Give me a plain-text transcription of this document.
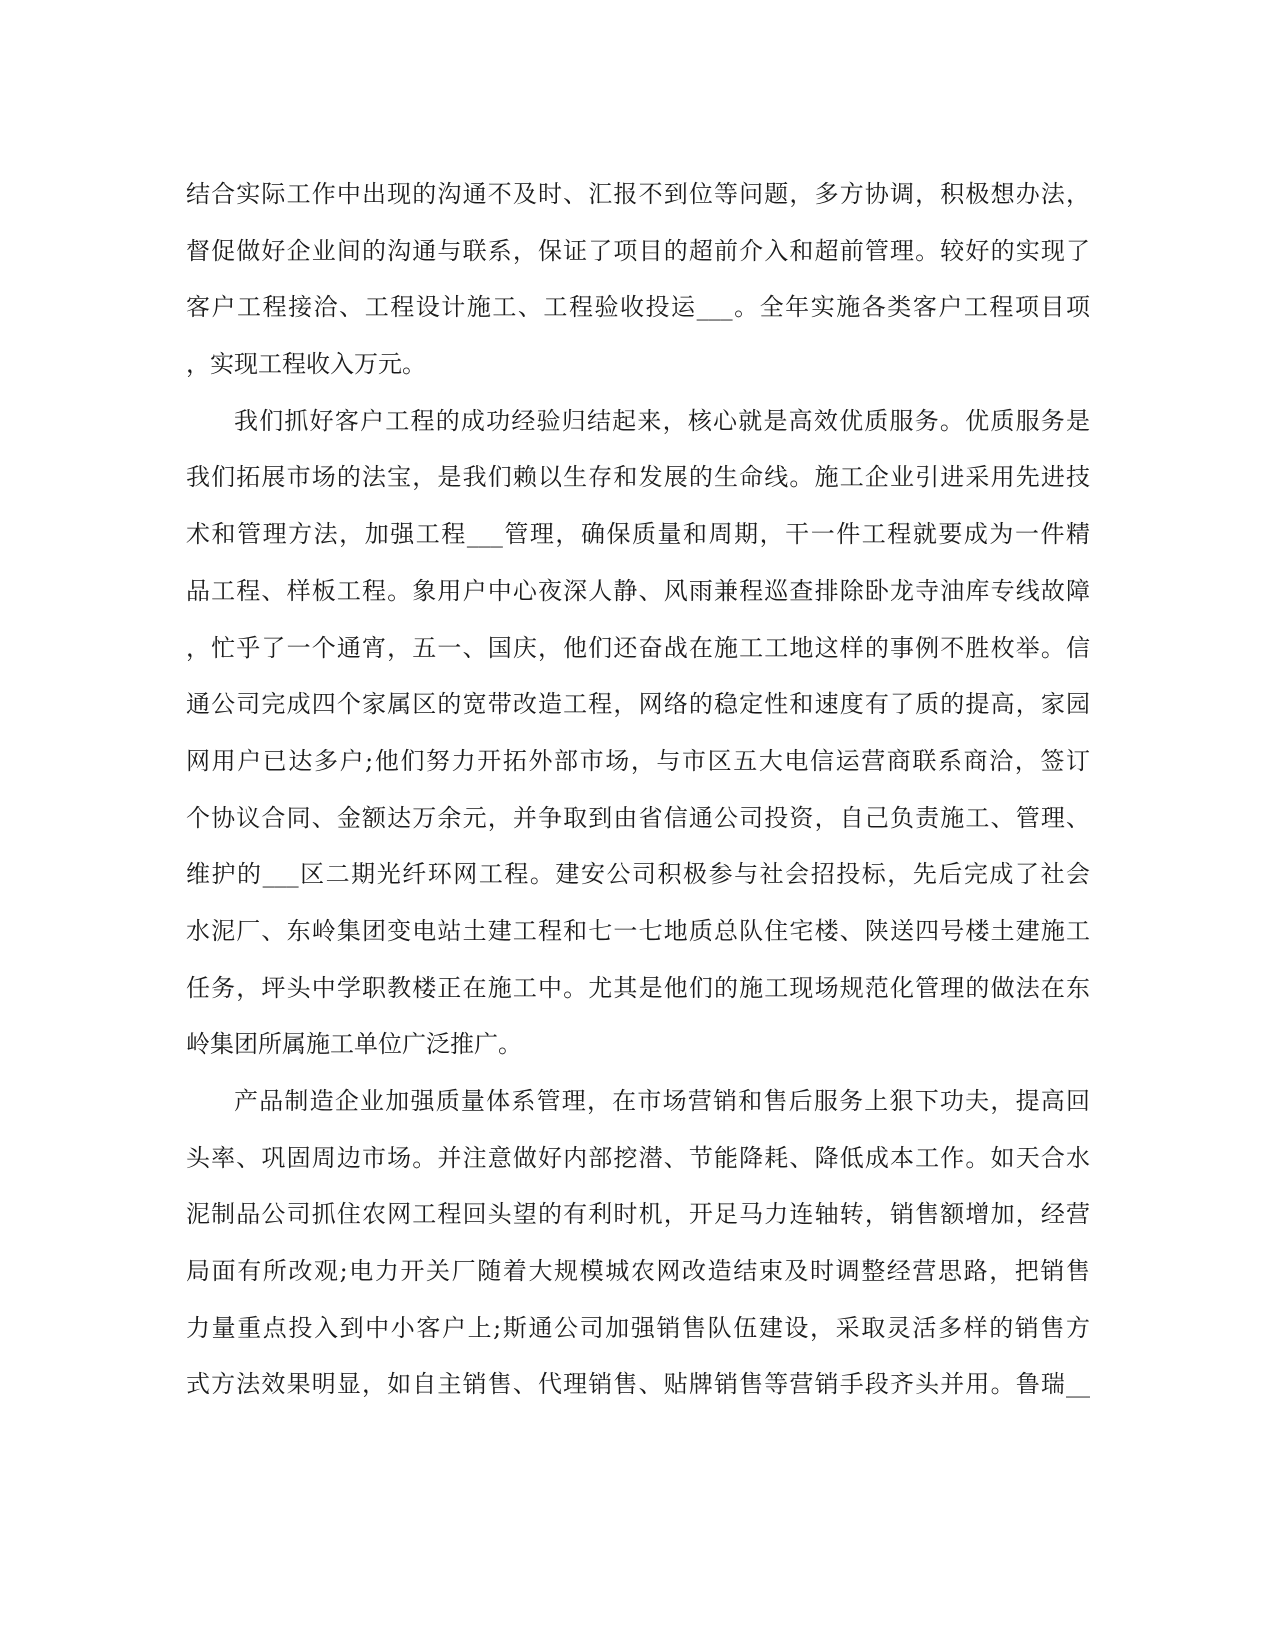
结合实际工作中出现的沟通不及时、汇报不到位等问题，多方协调，积极想办法，
督促做好企业间的沟通与联系，保证了项目的超前介入和超前管理。较好的实现了
客户工程接洽、工程设计施工、工程验收投运___。全年实施各类客户工程项目项
，实现工程收入万元。
我们抓好客户工程的成功经验归结起来，核心就是高效优质服务。优质服务是
我们拓展市场的法宝，是我们赖以生存和发展的生命线。施工企业引进采用先进技
术和管理方法，加强工程___管理，确保质量和周期，干一件工程就要成为一件精
品工程、样板工程。象用户中心夜深人静、风雨兼程巡查排除卧龙寺油库专线故障
，忙乎了一个通宵，五一、国庆，他们还奋战在施工工地这样的事例不胜枚举。信
通公司完成四个家属区的宽带改造工程，网络的稳定性和速度有了质的提高，家园
网用户已达多户;他们努力开拓外部市场，与市区五大电信运营商联系商洽，签订
个协议合同、金额达万余元，并争取到由省信通公司投资，自己负责施工、管理、
维护的___区二期光纤环网工程。建安公司积极参与社会招投标，先后完成了社会
水泥厂、东岭集团变电站土建工程和七一七地质总队住宅楼、陕送四号楼土建施工
任务，坪头中学职教楼正在施工中。尤其是他们的施工现场规范化管理的做法在东
岭集团所属施工单位广泛推广。
产品制造企业加强质量体系管理，在市场营销和售后服务上狠下功夫，提高回
头率、巩固周边市场。并注意做好内部挖潜、节能降耗、降低成本工作。如天合水
泥制品公司抓住农网工程回头望的有利时机，开足马力连轴转，销售额增加，经营
局面有所改观;电力开关厂随着大规模城农网改造结束及时调整经营思路，把销售
力量重点投入到中小客户上;斯通公司加强销售队伍建设，采取灵活多样的销售方
式方法效果明显，如自主销售、代理销售、贴牌销售等营销手段齐头并用。鲁瑞__
